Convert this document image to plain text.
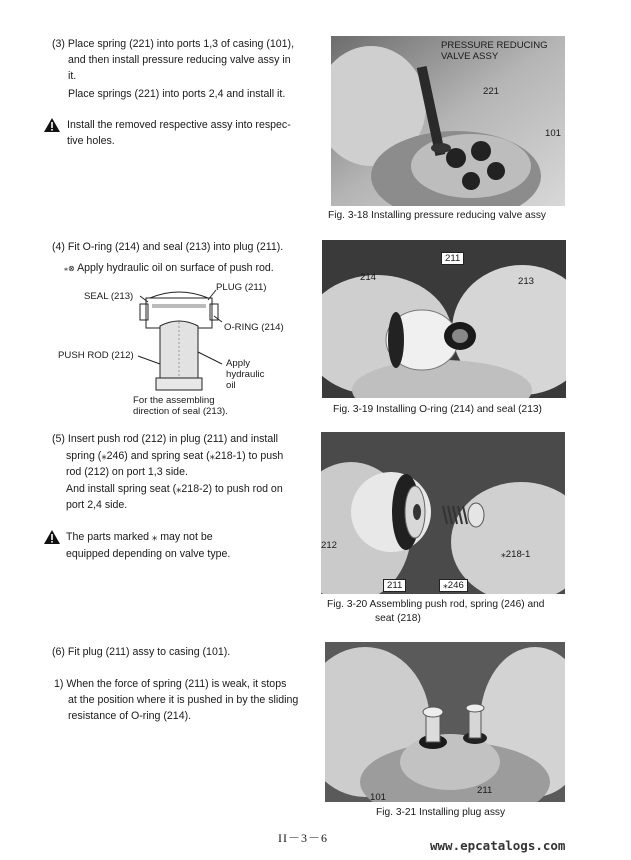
(3) Place spring (221) into ports 1,3 of casing (101),
and then install pressure reducing valve assy in
it.
Place springs (221) into ports 2,4 and install it.
Install the removed respective assy into respec-
tive holes.
PRESSURE REDUCING
VALVE ASSY
221
101
Fig. 3-18 Installing pressure reducing valve assy
(4) Fit O-ring (214) and seal (213) into plug (211).
⁎⊗ Apply hydraulic oil on surface of push rod.
SEAL (213)
PLUG (211)
O-RING (214)
PUSH ROD (212)
Apply
hydraulic
oil
For the assembling
direction of seal (213).
211
214	213
Fig. 3-19 Installing O-ring (214) and seal (213)
(5) Insert push rod (212) in plug (211) and install
spring (⁎246) and spring seat (⁎218-1) to push
rod (212) on port 1,3 side.
And install spring seat (⁎218-2) to push rod on
port 2,4 side.
The parts marked ⁎ may not be
equipped depending on valve type.
212
⁎218-1
211	⁎246
Fig. 3-20 Assembling push rod, spring (246) and
seat (218)
(6) Fit plug (211) assy to casing (101).
1) When the force of spring (211) is weak, it stops
at the position where it is pushed in by the sliding
resistance of O-ring (214).
211
101
Fig. 3-21 Installing plug assy
II－3－6	www.epcatalogs.com
